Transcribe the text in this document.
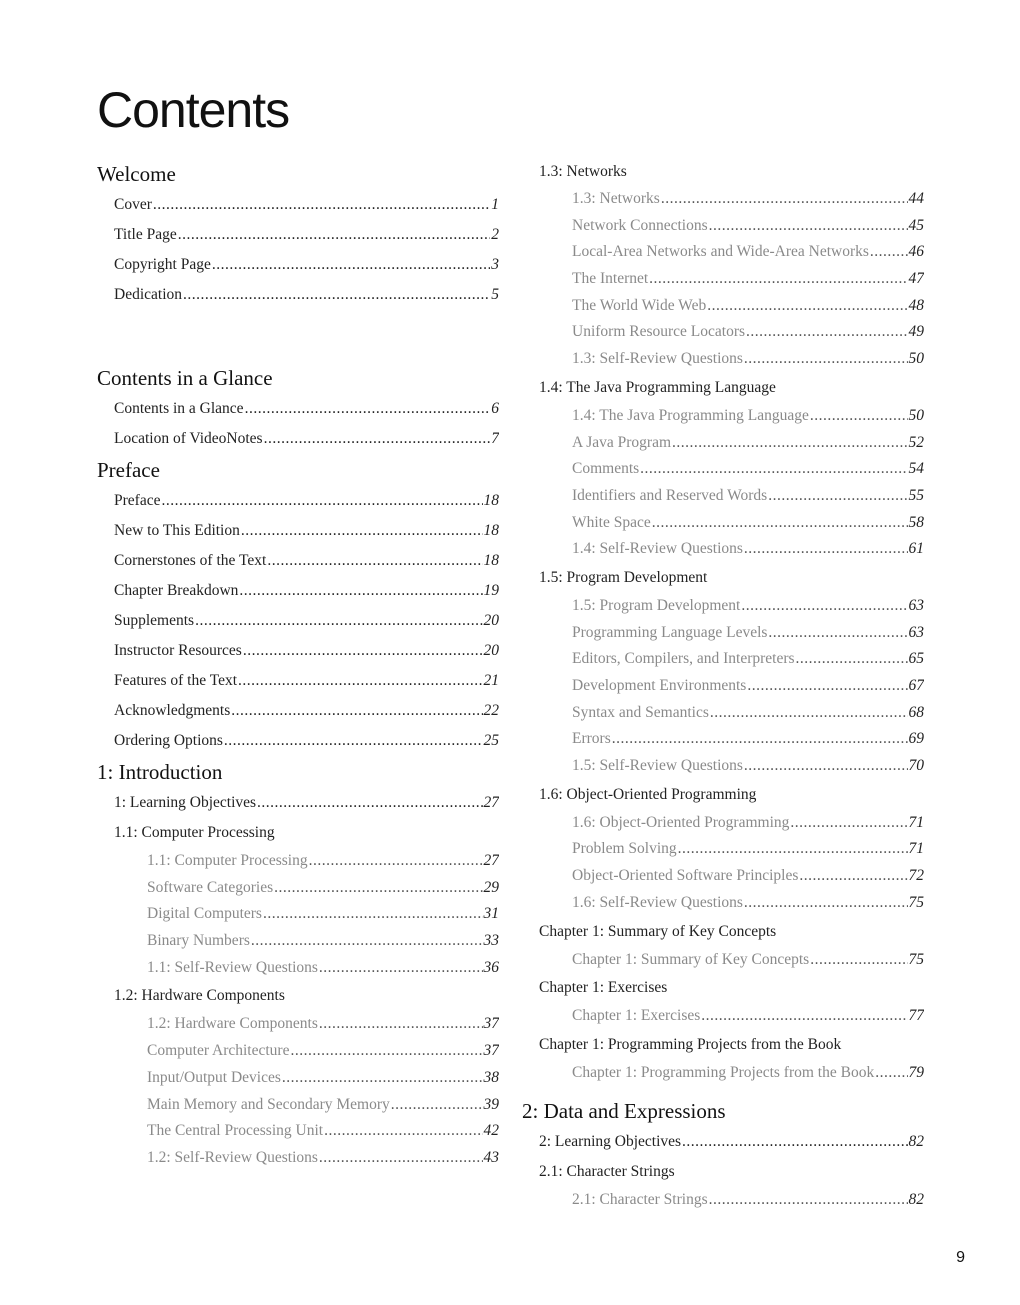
Contents
Welcome
Cover .....	1
Title Page .....	2
Copyright Page .....	3
Dedication .....	5
Contents in a Glance
Contents in a Glance .....	6
Location of VideoNotes .....	7
Preface
Preface .....	18
New to This Edition .....	18
Cornerstones of the Text .....	18
Chapter Breakdown .....	19
Supplements .....	20
Instructor Resources .....	20
Features of the Text .....	21
Acknowledgments .....	22
Ordering Options .....	25
1: Introduction
1: Learning Objectives .....	27
1.1: Computer Processing
1.1: Computer Processing .....	27
Software Categories .....	29
Digital Computers .....	31
Binary Numbers .....	33
1.1: Self-Review Questions .....	36
1.2: Hardware Components
1.2: Hardware Components .....	37
Computer Architecture .....	37
Input/Output Devices .....	38
Main Memory and Secondary Memory .....	39
The Central Processing Unit .....	42
1.2: Self-Review Questions .....	43
1.3: Networks
1.3: Networks .....	44
Network Connections .....	45
Local-Area Networks and Wide-Area Networks .....	46
The Internet .....	47
The World Wide Web .....	48
Uniform Resource Locators .....	49
1.3: Self-Review Questions .....	50
1.4: The Java Programming Language
1.4: The Java Programming Language .....	50
A Java Program .....	52
Comments .....	54
Identifiers and Reserved Words .....	55
White Space .....	58
1.4: Self-Review Questions .....	61
1.5: Program Development
1.5: Program Development .....	63
Programming Language Levels .....	63
Editors, Compilers, and Interpreters .....	65
Development Environments .....	67
Syntax and Semantics .....	68
Errors .....	69
1.5: Self-Review Questions .....	70
1.6: Object-Oriented Programming
1.6: Object-Oriented Programming .....	71
Problem Solving .....	71
Object-Oriented Software Principles .....	72
1.6: Self-Review Questions .....	75
Chapter 1: Summary of Key Concepts
Chapter 1: Summary of Key Concepts .....	75
Chapter 1: Exercises
Chapter 1: Exercises .....	77
Chapter 1: Programming Projects from the Book
Chapter 1: Programming Projects from the Book ..... 79
2: Data and Expressions
2: Learning Objectives .....	82
2.1: Character Strings
2.1: Character Strings .....	82
9
